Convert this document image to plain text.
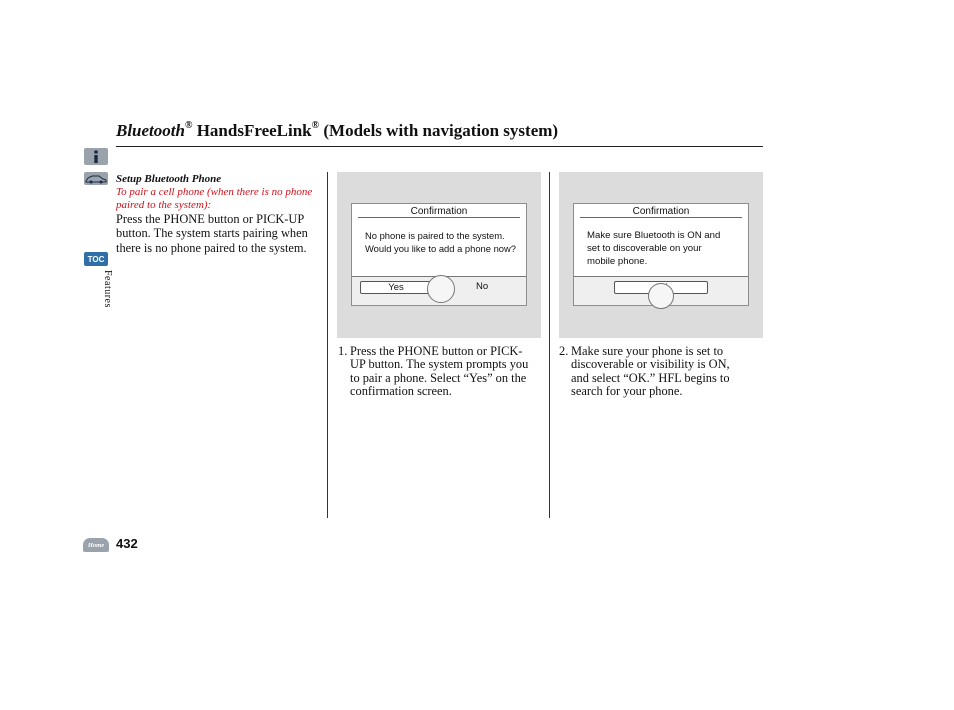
Bluetooth® HandsFreeLink® (Models with navigation system)
TOC
Features
Setup Bluetooth Phone
To pair a cell phone (when there is no phone paired to the system):
Press the PHONE button or PICK-UP button. The system starts pairing when there is no phone paired to the system.
Confirmation
No phone is paired to the system.
Would you like to add a phone now?
Yes	No
Confirmation
Make sure Bluetooth is ON and
set to discoverable on your
mobile phone.
1. Press the PHONE button or PICK-UP button. The system prompts you to pair a phone. Select “Yes” on the confirmation screen.
2. Make sure your phone is set to discoverable or visibility is ON, and select “OK.” HFL begins to search for your phone.
Home 432
